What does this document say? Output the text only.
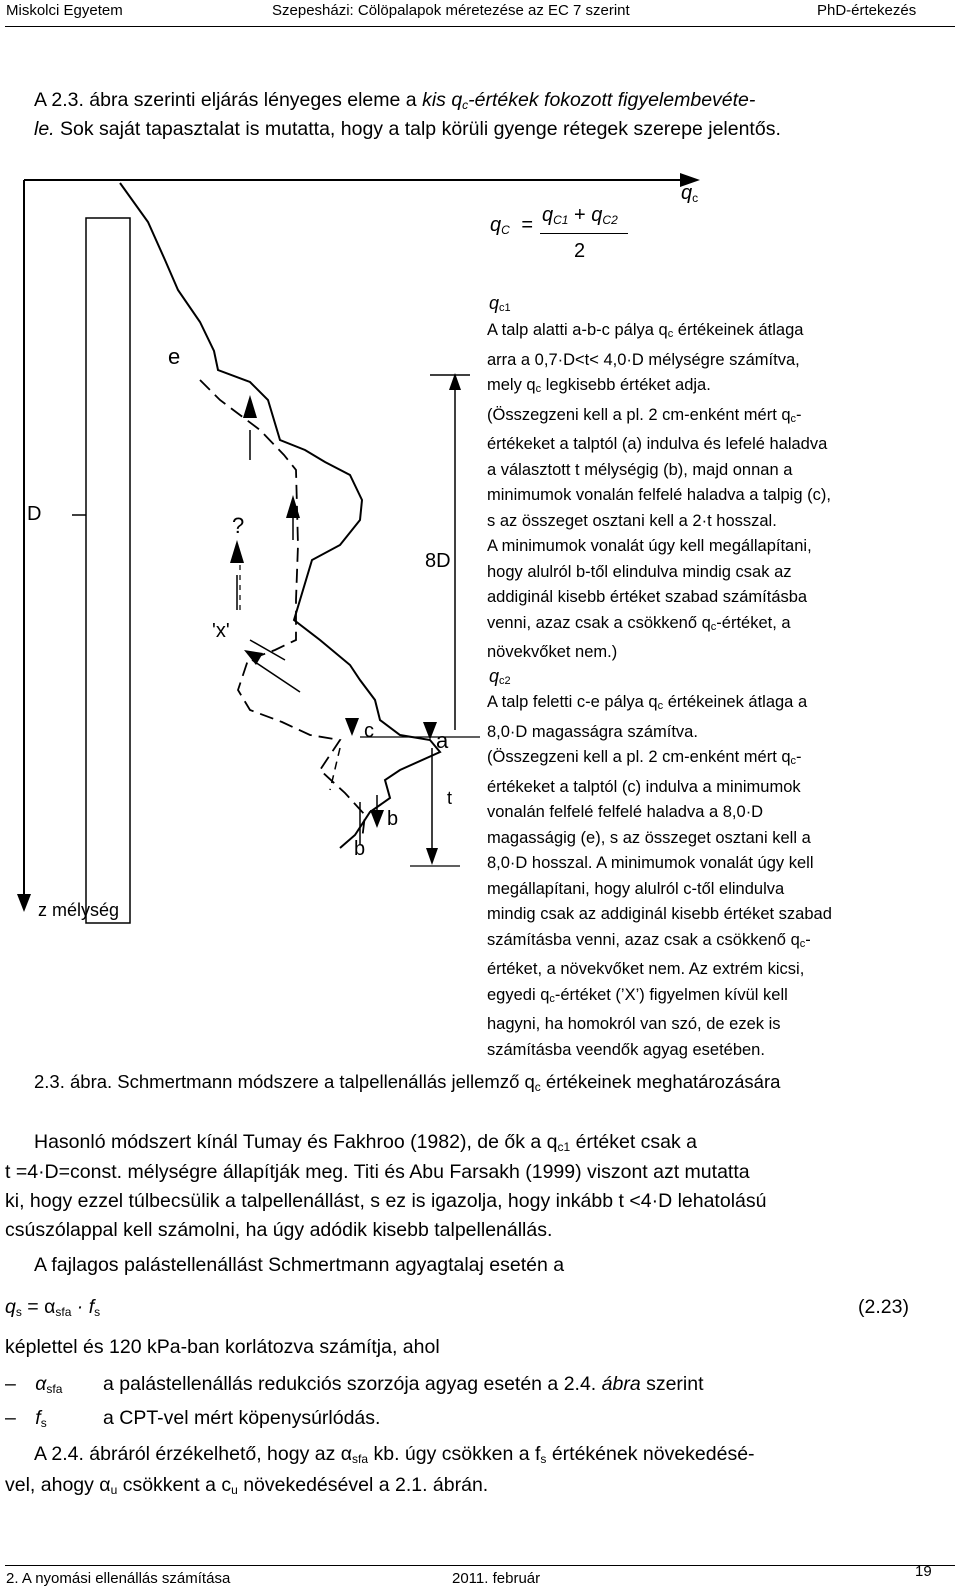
Miskolci Egyetem	Szepesházi: Cölöpalapok méretezése az EC 7 szerint	PhD-értekezés
A 2.3. ábra szerinti eljárás lényeges eleme a kis $q_c$-értékek fokozott figyelembevéte-
le. Sok saját tapasztalat is mutatta, hogy a talp körüli gyenge rétegek szerepe jelentős.
$q_c$
$q_C = q_{C1} + q_{C2}$
2
e
D	?
'x'
8D
c	a
t
b
b
z mélység
qc1
A talp alatti a-b-c pálya qc értékeinek átlaga
arra a 0,7·D<t< 4,0·D mélységre számítva,
mely qc legkisebb értéket adja.
(Összegzeni kell a pl. 2 cm-enként mért qc-
értékeket a talptól (a) indulva és lefelé haladva
a választott t mélységig (b), majd onnan a
minimumok vonalán felfelé haladva a talpig (c),
s az összeget osztani kell a 2·t hosszal.
A minimumok vonalát úgy kell megállapítani,
hogy alulról b-től elindulva mindig csak az
addiginál kisebb értéket szabad számításba
venni, azaz csak a csökkenő qc-értéket, a
növekvőket nem.)
qc2
A talp feletti c-e pálya qc értékeinek átlaga a
8,0·D magasságra számítva.
(Összegzeni kell a pl. 2 cm-enként mért qc-
értékeket a talptól (c) indulva a minimumok
vonalán felfelé felfelé haladva a 8,0·D
magasságig (e), s az összeget osztani kell a
8,0·D hosszal. A minimumok vonalát úgy kell
megállapítani, hogy alulról c-től elindulva
mindig csak az addiginál kisebb értéket szabad
számításba venni, azaz csak a csökkenő qc-
értéket, a növekvőket nem. Az extrém kicsi,
egyedi qc-értéket (’X’) figyelmen kívül kell
hagyni, ha homokról van szó, de ezek is
számításba veendők agyag esetében.
2.3. ábra. Schmertmann módszere a talpellenállás jellemző $q_c$ értékeinek meghatározására
Hasonló módszert kínál Tumay és Fakhroo (1982), de ők a $q_{c1}$ értéket csak a
t =4·D=const. mélységre állapítják meg. Titi és Abu Farsakh (1999) viszont azt mutatta
ki, hogy ezzel túlbecsülik a talpellenállást, s ez is igazolja, hogy inkább t <4·D lehatolású
csúszólappal kell számolni, ha úgy adódik kisebb talpellenállás.
A fajlagos palástellenállást Schmertmann agyagtalaj esetén a
$q_s = \alpha_{sfa} \cdot f_s$	(2.23)
képlettel és 120 kPa-ban korlátozva számítja, ahol
– $\alpha_{sfa}$ a palástellenállás redukciós szorzója agyag esetén a 2.4. ábra szerint
– $f_s$	a CPT-vel mért köpenysúrlódás.
A 2.4. ábráról érzékelhető, hogy az $\alpha_{sfa}$ kb. úgy csökken a $f_s$ értékének növekedésé-
vel, ahogy $\alpha_u$ csökkent a $c_u$ növekedésével a 2.1. ábrán.
2. A nyomási ellenállás számítása	2011. február	19
